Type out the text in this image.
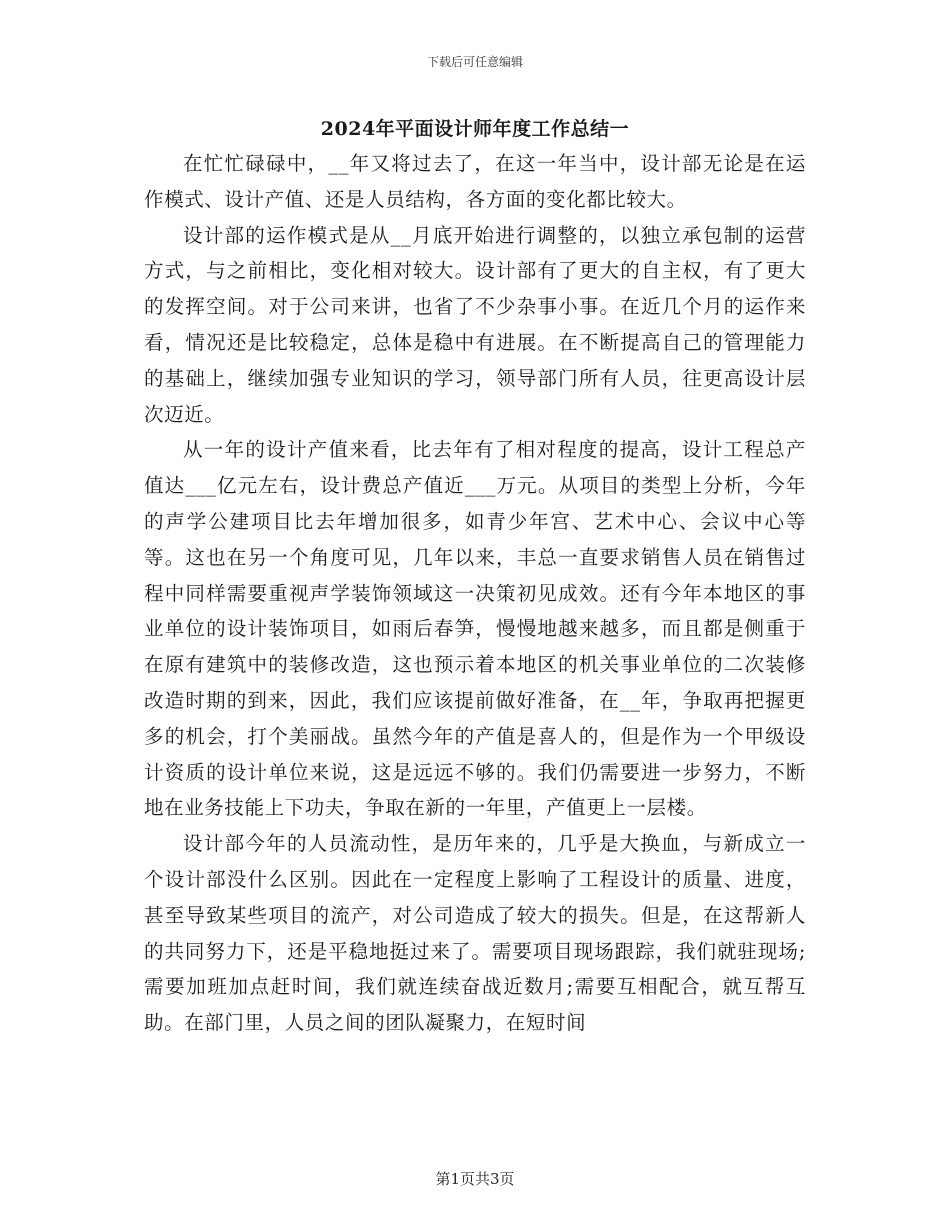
下载后可任意编辑
2024年平面设计师年度工作总结一

在忙忙碌碌中，__年又将过去了，在这一年当中，设计部无论是在运作模式、设计产值、还是人员结构，各方面的变化都比较大。

设计部的运作模式是从__月底开始进行调整的，以独立承包制的运营方式，与之前相比，变化相对较大。设计部有了更大的自主权，有了更大的发挥空间。对于公司来讲，也省了不少杂事小事。在近几个月的运作来看，情况还是比较稳定，总体是稳中有进展。在不断提高自己的管理能力的基础上，继续加强专业知识的学习，领导部门所有人员，往更高设计层次迈近。

从一年的设计产值来看，比去年有了相对程度的提高，设计工程总产值达___亿元左右，设计费总产值近___万元。从项目的类型上分析，今年的声学公建项目比去年增加很多，如青少年宫、艺术中心、会议中心等等。这也在另一个角度可见，几年以来，丰总一直要求销售人员在销售过程中同样需要重视声学装饰领域这一决策初见成效。还有今年本地区的事业单位的设计装饰项目，如雨后春笋，慢慢地越来越多，而且都是侧重于在原有建筑中的装修改造，这也预示着本地区的机关事业单位的二次装修改造时期的到来，因此，我们应该提前做好准备，在__年，争取再把握更多的机会，打个美丽战。虽然今年的产值是喜人的，但是作为一个甲级设计资质的设计单位来说，这是远远不够的。我们仍需要进一步努力，不断地在业务技能上下功夫，争取在新的一年里，产值更上一层楼。

设计部今年的人员流动性，是历年来的，几乎是大换血，与新成立一个设计部没什么区别。因此在一定程度上影响了工程设计的质量、进度，甚至导致某些项目的流产，对公司造成了较大的损失。但是，在这帮新人的共同努力下，还是平稳地挺过来了。需要项目现场跟踪，我们就驻现场;需要加班加点赶时间，我们就连续奋战近数月;需要互相配合，就互帮互助。在部门里，人员之间的团队凝聚力，在短时间

第1页共3页
